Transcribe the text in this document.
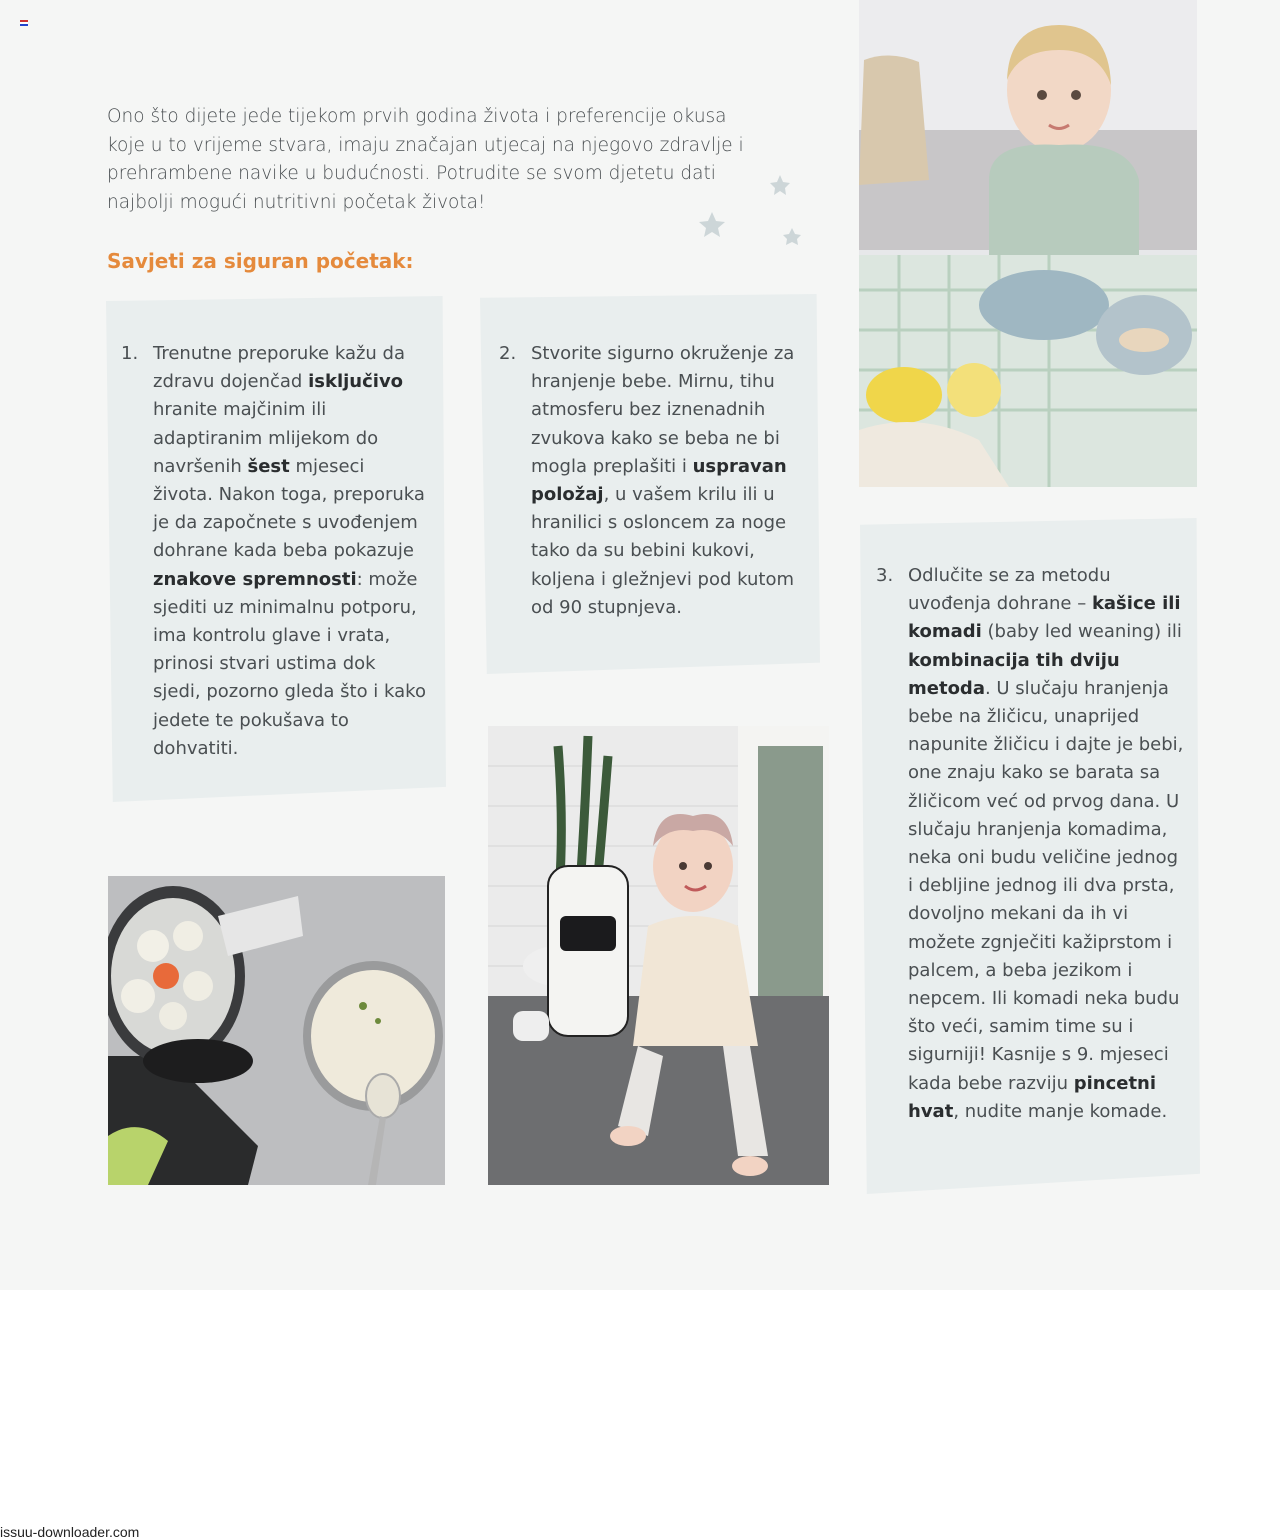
Ono što dijete jede tijekom prvih godina života i preferencije okusa koje u to vrijeme stvara, imaju značajan utjecaj na njegovo zdravlje i prehrambene navike u budućnosti. Potrudite se svom djetetu dati najbolji mogući nutritivni početak života!

Savjeti za siguran početak:
1. Trenutne preporuke kažu da zdravu dojenčad isključivo hranite majčinim ili adaptiranim mlijekom do navršenih šest mjeseci života. Nakon toga, preporuka je da započnete s uvođenjem dohrane kada beba pokazuje znakove spremnosti: može sjediti uz minimalnu potporu, ima kontrolu glave i vrata, prinosi stvari ustima dok sjedi, pozorno gleda što i kako jedete te pokušava to dohvatiti.
2. Stvorite sigurno okruženje za hranjenje bebe. Mirnu, tihu atmosferu bez iznenadnih zvukova kako se beba ne bi mogla preplašiti i uspravan položaj, u vašem krilu ili u hranilici s osloncem za noge tako da su bebini kukovi, koljena i gležnjevi pod kutom od 90 stupnjeva.
3. Odlučite se za metodu uvođenja dohrane – kašice ili komadi (baby led weaning) ili kombinacija tih dviju metoda. U slučaju hranjenja bebe na žličicu, unaprijed napunite žličicu i dajte je bebi, one znaju kako se barata sa žličicom već od prvog dana. U slučaju hranjenja komadima, neka oni budu veličine jednog i debljine jednog ili dva prsta, dovoljno mekani da ih vi možete zgnječiti kažiprstom i palcem, a beba jezikom i nepcem. Ili komadi neka budu što veći, samim time su i sigurniji! Kasnije s 9. mjeseci kada bebe razviju pincetni hvat, nudite manje komade.
issuu-downloader.com
